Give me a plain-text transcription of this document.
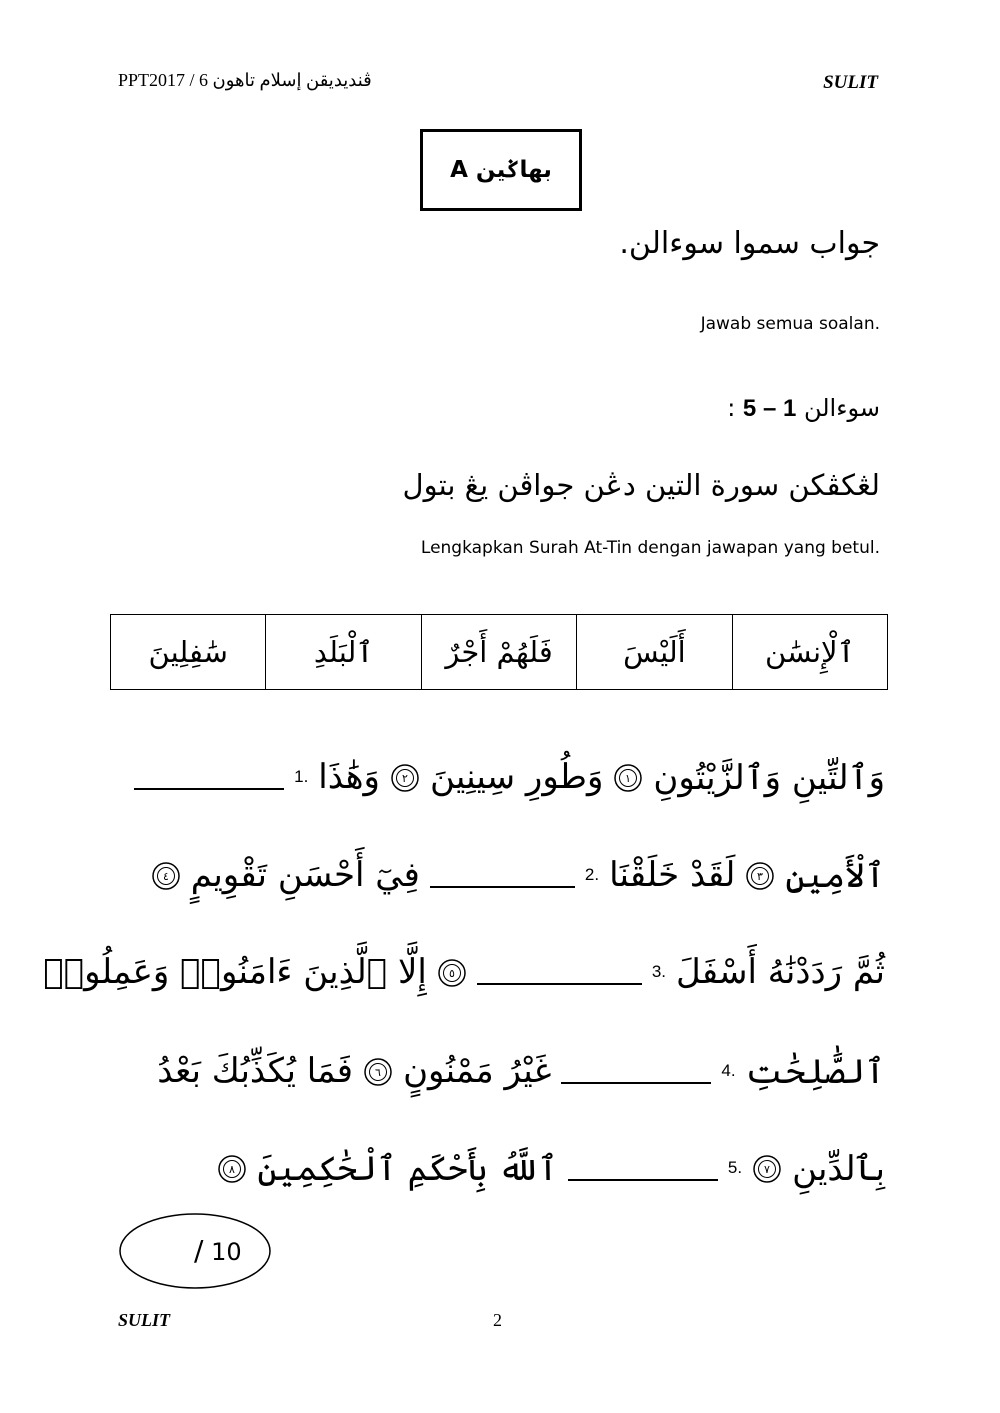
PPT2017 / ڤنديديقن إسلام تاهون 6	SULIT
بهاݢين A
جواب سموا سوءالن.
Jawab semua soalan.
سوءالن 5 – 1 :
لڠكڤكن سورة التين دڠن جواڤن يڠ بتول
Lengkapkan Surah At-Tin dengan jawapan yang betul.
ٱلْإِنسَٰن	أَلَيْسَ	فَلَهُمْ أَجْرٌ	ٱلْبَلَدِ	سَٰفِلِينَ
وَٱلتِّينِ وَٱلزَّيْتُونِ
١
وَطُورِ سِينِينَ
٢
وَهَٰذَا
1.
ٱلْأَمِينِ
٣
لَقَدْ خَلَقْنَا
2.
فِيٓ أَحْسَنِ تَقْوِيمٍ
٤
ثُمَّ رَدَدْنَٰهُ أَسْفَلَ
3.
٥
إِلَّا ٱلَّذِينَ ءَامَنُوا۟ وَعَمِلُوا۟
ٱلصَّٰلِحَٰتِ
4.
غَيْرُ مَمْنُونٍ
٦
فَمَا يُكَذِّبُكَ بَعْدُ
بِٱلدِّينِ
٧
5.
ٱللَّهُ بِأَحْكَمِ ٱلْحَٰكِمِينَ
٨
/ 10
SULIT	2
